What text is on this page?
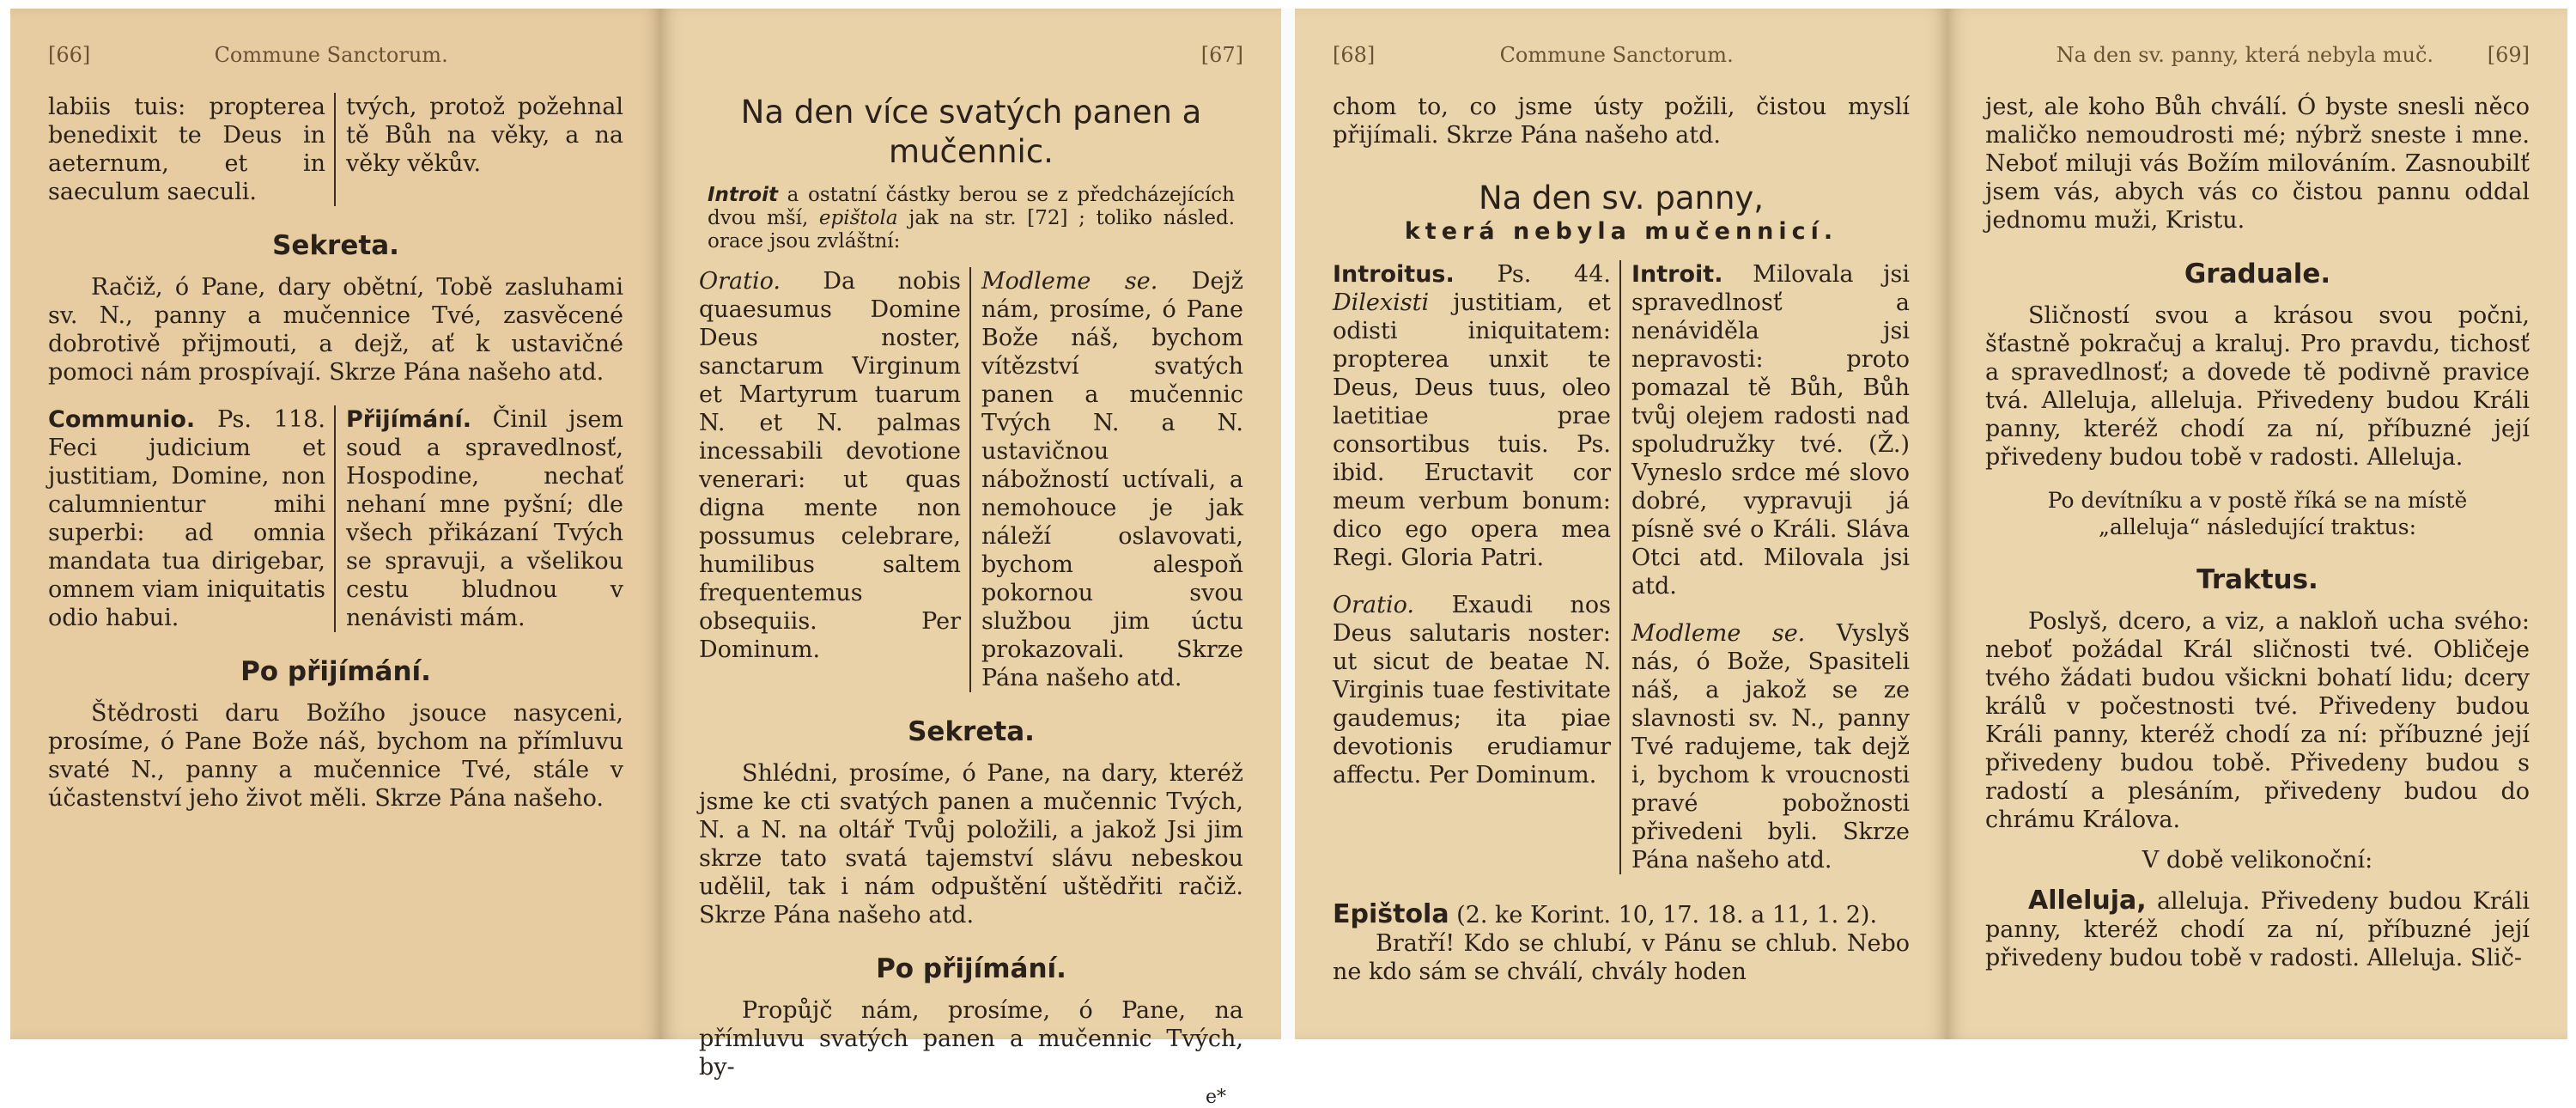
[66]	Commune Sanctorum.
labiis tuis: propterea benedixit te Deus in aeternum, et in saeculum saeculi.
tvých, protož požehnal tě Bůh na věky, a na věky věkův.
Sekreta.
Račiž, ó Pane, dary obětní, Tobě zasluhami sv. N., panny a mučennice Tvé, zasvěcené dobrotivě přijmouti, a dejž, ať k ustavičné pomoci nám prospívají. Skrze Pána našeho atd.
Communio. Ps. 118. Feci judicium et justitiam, Domine, non calumnientur mihi superbi: ad omnia mandata tua dirigebar, omnem viam iniquitatis odio habui.
Přijímání. Činil jsem soud a spravedlnosť, Hospodine, nechať nehaní mne pyšní; dle všech přikázaní Tvých se spravuji, a všelikou cestu bludnou v nenávisti mám.
Po přijímání.
Štědrosti daru Božího jsouce nasyceni, prosíme, ó Pane Bože náš, bychom na přímluvu svaté N., panny a mučennice Tvé, stále v účastenství jeho život měli. Skrze Pána našeho.
[67]
Na den více svatých panen a mučennic.
Introit a ostatní částky berou se z předcházejících dvou mší, epištola jak na str. [72] ; toliko násled. orace jsou zvláštní:
Oratio. Da nobis quaesumus Domine Deus noster, sanctarum Virginum et Martyrum tuarum N. et N. palmas incessabili devotione venerari: ut quas digna mente non possumus celebrare, humilibus saltem frequentemus obsequiis. Per Dominum.
Modleme se. Dejž nám, prosíme, ó Pane Bože náš, bychom vítězství svatých panen a mučennic Tvých N. a N. ustavičnou nábožností uctívali, a nemohouce je jak náleží oslavovati, bychom alespoň pokornou svou službou jim úctu prokazovali. Skrze Pána našeho atd.
Sekreta.
Shlédni, prosíme, ó Pane, na dary, kteréž jsme ke cti svatých panen a mučennic Tvých, N. a N. na oltář Tvůj položili, a jakož Jsi jim skrze tato svatá tajemství slávu nebeskou udělil, tak i nám odpuštění uštědřiti račiž. Skrze Pána našeho atd.
Po přijímání.
Propůjč nám, prosíme, ó Pane, na přímluvu svatých panen a mučennic Tvých, by-
e*
[68]	Commune Sanctorum.
chom to, co jsme ústy požili, čistou myslí přijímali. Skrze Pána našeho atd.
Na den sv. panny,
která nebyla mučennicí.
Introitus. Ps. 44. Dilexisti justitiam, et odisti iniquitatem: propterea unxit te Deus, Deus tuus, oleo laetitiae prae consortibus tuis. Ps. ibid. Eructavit cor meum verbum bonum: dico ego opera mea Regi. Gloria Patri.
Oratio. Exaudi nos Deus salutaris noster: ut sicut de beatae N. Virginis tuae festivitate gaudemus; ita piae devotionis erudiamur affectu. Per Dominum.
Introit. Milovala jsi spravedlnosť a nenáviděla jsi nepravosti: proto pomazal tě Bůh, Bůh tvůj olejem radosti nad spoludružky tvé. (Ž.) Vyneslo srdce mé slovo dobré, vypravuji já písně své o Králi. Sláva Otci atd. Milovala jsi atd.
Modleme se. Vyslyš nás, ó Bože, Spasiteli náš, a jakož se ze slavnosti sv. N., panny Tvé radujeme, tak dejž i, bychom k vroucnosti pravé pobožnosti přivedeni byli. Skrze Pána našeho atd.
Epištola (2. ke Korint. 10, 17. 18. a 11, 1. 2).
Bratří! Kdo se chlubí, v Pánu se chlub. Nebo ne kdo sám se chválí, chvály hoden
Na den sv. panny, která nebyla muč.	[69]
jest, ale koho Bůh chválí. Ó byste snesli něco maličko nemoudrosti mé; nýbrž sneste i mne. Neboť miluji vás Božím milováním. Zasnoubilť jsem vás, abych vás co čistou pannu oddal jednomu muži, Kristu.
Graduale.
Sličností svou a krásou svou počni, šťastně pokračuj a kraluj. Pro pravdu, tichosť a spravedlnosť; a dovede tě podivně pravice tvá. Alleluja, alleluja. Přivedeny budou Králi panny, kteréž chodí za ní, příbuzné její přivedeny budou tobě v radosti. Alleluja.
Po devítníku a v postě říká se na místě „alleluja“ následující traktus:
Traktus.
Poslyš, dcero, a viz, a nakloň ucha svého: neboť požádal Král sličnosti tvé. Obličeje tvého žádati budou všickni bohatí lidu; dcery králů v počestnosti tvé. Přivedeny budou Králi panny, kteréž chodí za ní: příbuzné její přivedeny budou tobě. Přivedeny budou s radostí a plesáním, přivedeny budou do chrámu Králova.
V době velikonoční:
Alleluja, alleluja. Přivedeny budou Králi panny, kteréž chodí za ní, příbuzné její přivedeny budou tobě v radosti. Alleluja. Slič-
